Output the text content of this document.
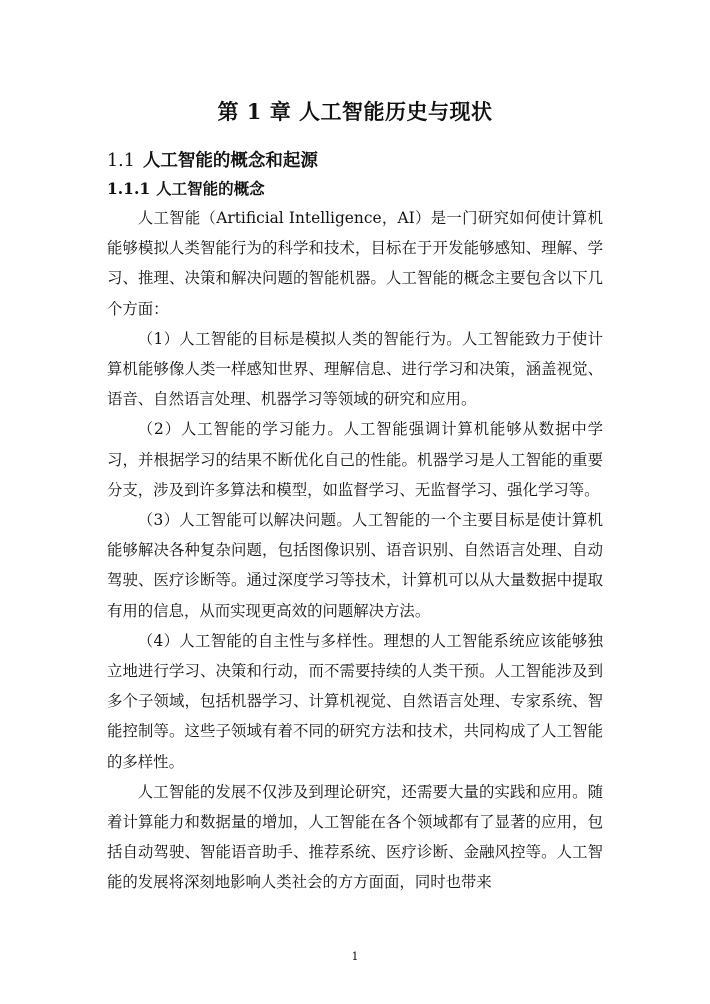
第 1 章 人工智能历史与现状
1.1 人工智能的概念和起源
1.1.1 人工智能的概念

人工智能（Artificial Intelligence，AI）是一门研究如何使计算机能够模拟人类智能行为的科学和技术，目标在于开发能够感知、理解、学习、推理、决策和解决问题的智能机器。人工智能的概念主要包含以下几个方面：

（1）人工智能的目标是模拟人类的智能行为。人工智能致力于使计算机能够像人类一样感知世界、理解信息、进行学习和决策，涵盖视觉、语音、自然语言处理、机器学习等领域的研究和应用。

（2）人工智能的学习能力。人工智能强调计算机能够从数据中学习，并根据学习的结果不断优化自己的性能。机器学习是人工智能的重要分支，涉及到许多算法和模型，如监督学习、无监督学习、强化学习等。

（3）人工智能可以解决问题。人工智能的一个主要目标是使计算机能够解决各种复杂问题，包括图像识别、语音识别、自然语言处理、自动驾驶、医疗诊断等。通过深度学习等技术，计算机可以从大量数据中提取有用的信息，从而实现更高效的问题解决方法。

（4）人工智能的自主性与多样性。理想的人工智能系统应该能够独立地进行学习、决策和行动，而不需要持续的人类干预。人工智能涉及到多个子领域，包括机器学习、计算机视觉、自然语言处理、专家系统、智能控制等。这些子领域有着不同的研究方法和技术，共同构成了人工智能的多样性。

人工智能的发展不仅涉及到理论研究，还需要大量的实践和应用。随着计算能力和数据量的增加，人工智能在各个领域都有了显著的应用，包括自动驾驶、智能语音助手、推荐系统、医疗诊断、金融风控等。人工智能的发展将深刻地影响人类社会的方方面面，同时也带来

1
